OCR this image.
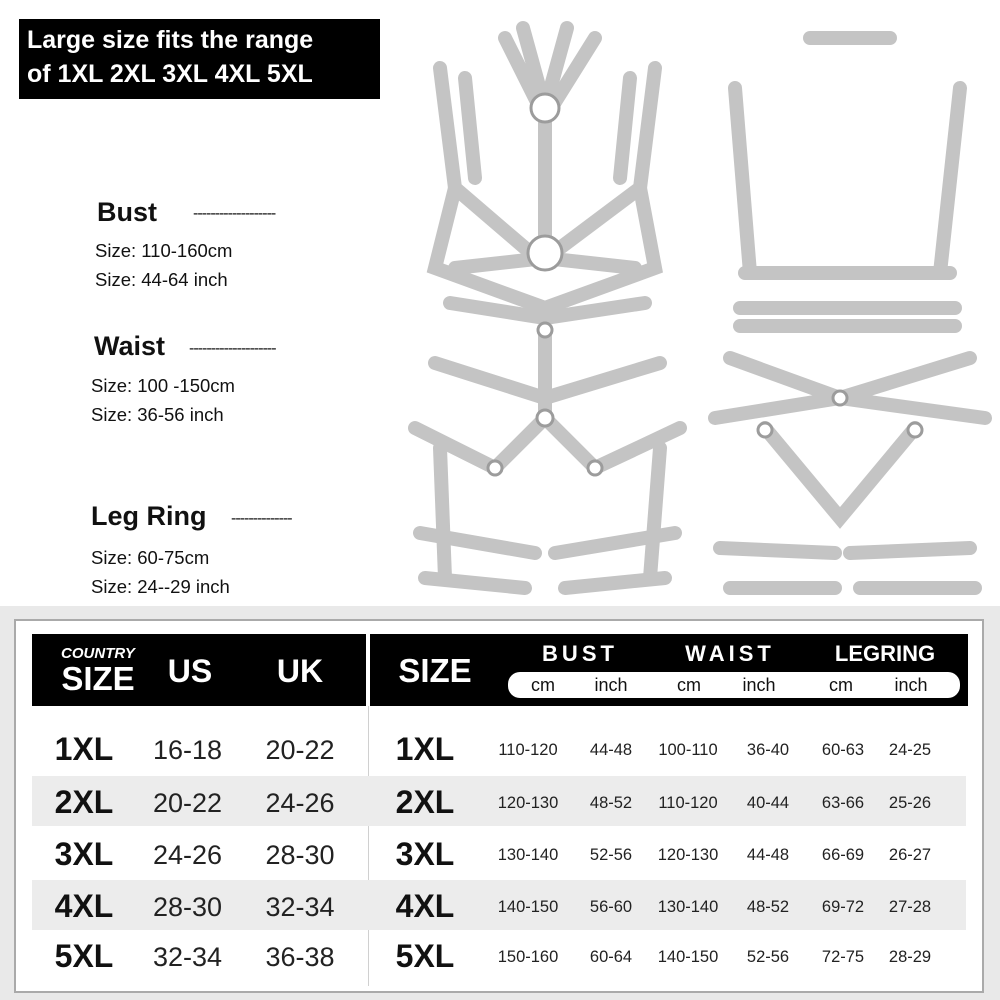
Large size fits the range
of 1XL 2XL 3XL 4XL 5XL
Bust -------------------
Size: 110-160cm
Size: 44-64 inch
Waist --------------------
Size: 100 -150cm
Size: 36-56 inch
Leg Ring --------------
Size: 60-75cm
Size: 24--29 inch
COUNTRY
SIZE	US	UK	SIZE	BUST	WAIST	LEGRING
cm	inch	cm	inch	cm	inch
1XL	16-18	20-22	1XL	110-120	44-48	100-110	36-40	60-63	24-25
2XL	20-22	24-26	2XL	120-130	48-52	110-120	40-44	63-66	25-26
3XL	24-26	28-30	3XL	130-140	52-56	120-130	44-48	66-69	26-27
4XL	28-30	32-34	4XL	140-150	56-60	130-140	48-52	69-72	27-28
5XL	32-34	36-38	5XL	150-160	60-64	140-150	52-56	72-75	28-29
